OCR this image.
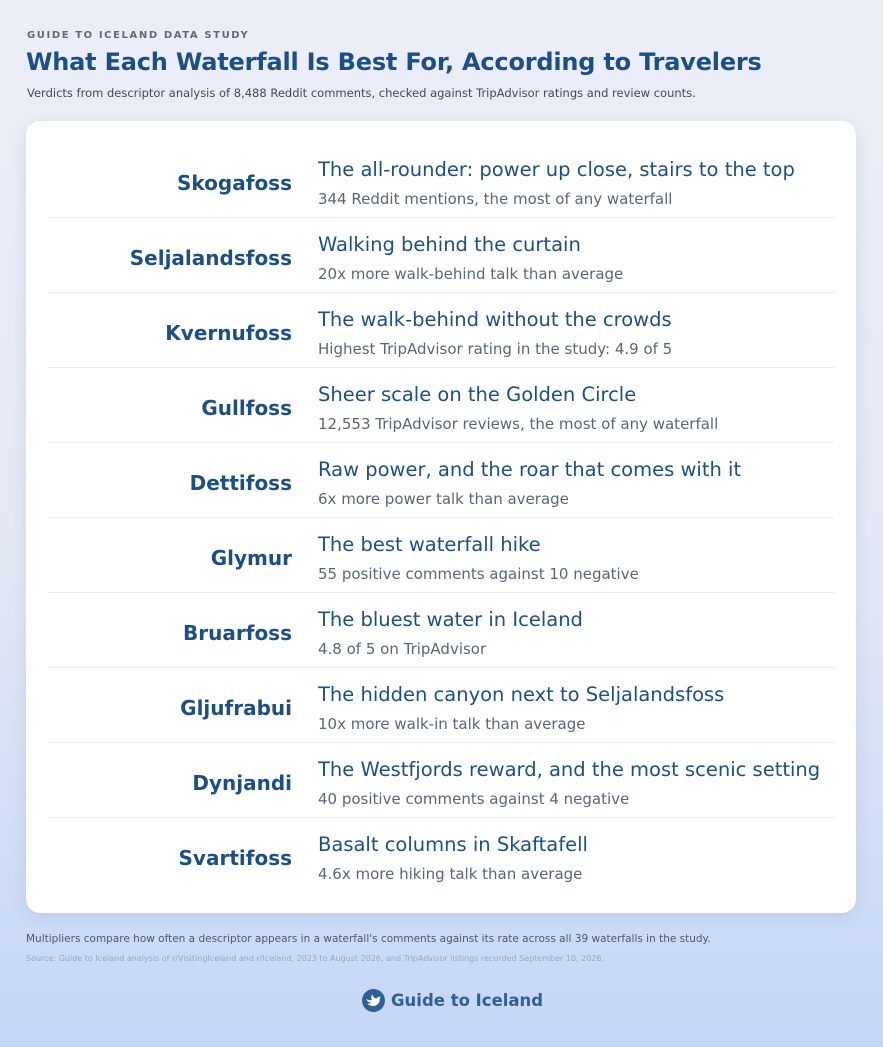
GUIDE TO ICELAND DATA STUDY
What Each Waterfall Is Best For, According to Travelers
Verdicts from descriptor analysis of 8,488 Reddit comments, checked against TripAdvisor ratings and review counts.
Skogafoss
The all-rounder: power up close, stairs to the top
344 Reddit mentions, the most of any waterfall
Seljalandsfoss
Walking behind the curtain
20x more walk-behind talk than average
Kvernufoss
The walk-behind without the crowds
Highest TripAdvisor rating in the study: 4.9 of 5
Gullfoss
Sheer scale on the Golden Circle
12,553 TripAdvisor reviews, the most of any waterfall
Dettifoss
Raw power, and the roar that comes with it
6x more power talk than average
Glymur
The best waterfall hike
55 positive comments against 10 negative
Bruarfoss
The bluest water in Iceland
4.8 of 5 on TripAdvisor
Gljufrabui
The hidden canyon next to Seljalandsfoss
10x more walk-in talk than average
Dynjandi
The Westfjords reward, and the most scenic setting
40 positive comments against 4 negative
Svartifoss
Basalt columns in Skaftafell
4.6x more hiking talk than average
Multipliers compare how often a descriptor appears in a waterfall's comments against its rate across all 39 waterfalls in the study.
Source: Guide to Iceland analysis of r/VisitingIceland and r/Iceland, 2023 to August 2026, and TripAdvisor listings recorded September 10, 2026.
Guide to Iceland
